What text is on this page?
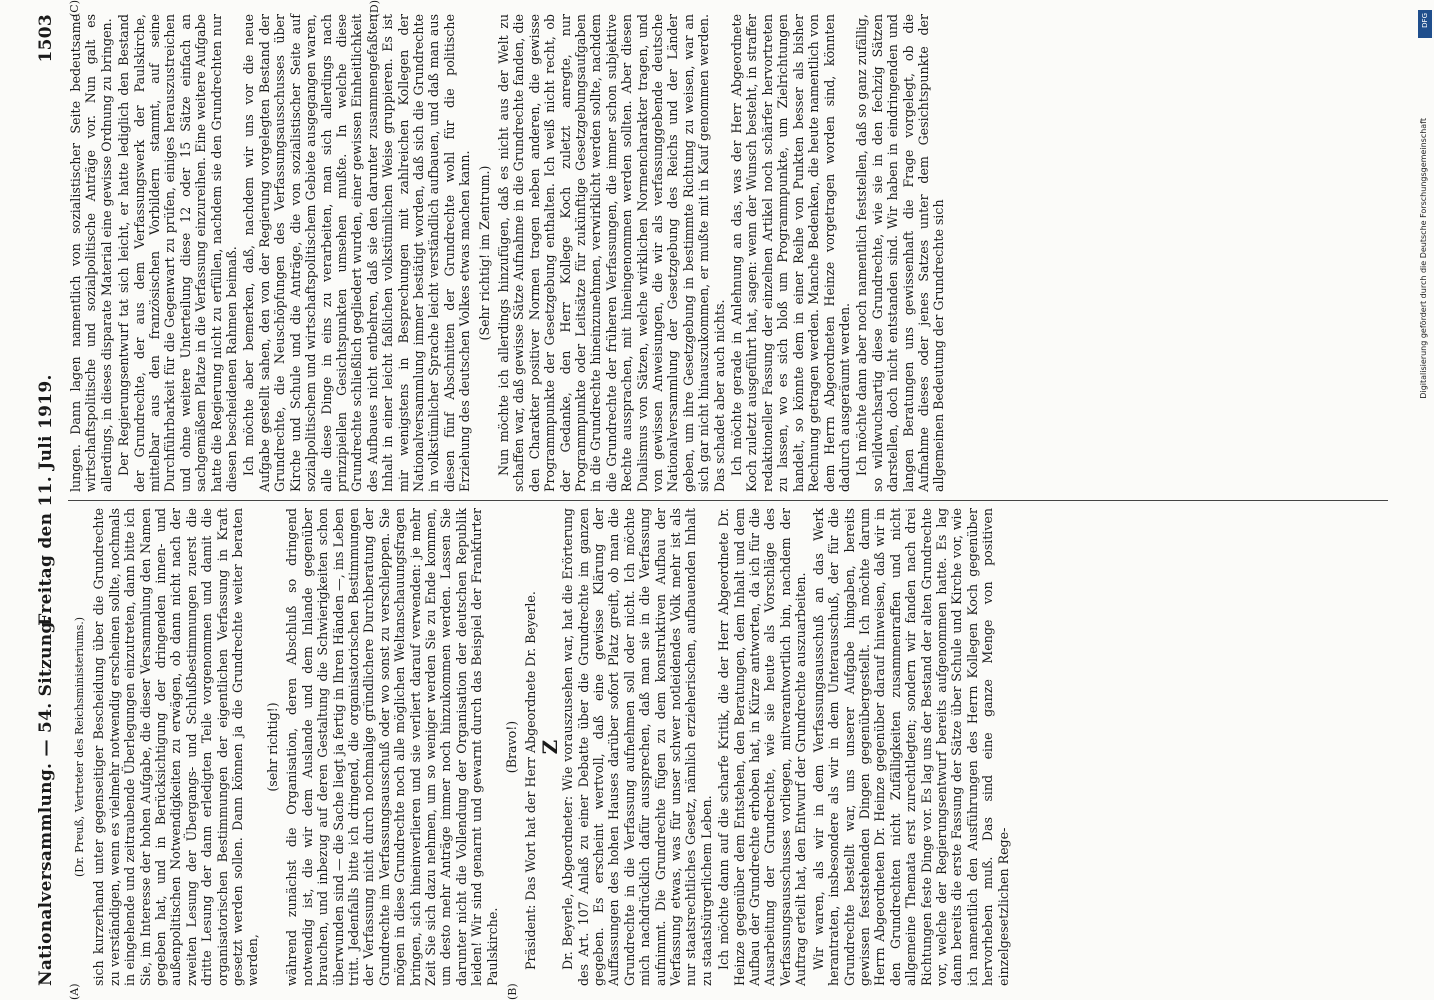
Nationalversammlung. — 54. Sitzung.
Freitag den 11. Juli 1919.
1503
(A)	(B)
(C)	(D)

(Dr. Preuß, Vertreter des Reichsministeriums.) sich kurzerhand unter gegenseitiger Bescheidung über die Grundrechte zu verständigen, wenn es vielmehr notwendig erscheinen sollte, nochmals in eingehende und zeitraubende Überlegungen einzutreten, dann bitte ich Sie, im Interesse der hohen Aufgabe, die dieser Versammlung den Namen gegeben hat, und in Berücksichtigung der dringenden innen- und außenpolitischen Notwendigkeiten zu erwägen, ob dann nicht nach der zweiten Lesung der Übergangs- und Schlußbestimmungen zuerst die dritte Lesung der dann erledigten Teile vorgenommen und damit die organisatorischen Bestimmungen der eigentlichen Verfassung in Kraft gesetzt werden sollen. Dann können ja die Grundrechte weiter beraten werden,

(sehr richtig!) während zunächst die Organisation, deren Abschluß so dringend notwendig ist, die wir dem Auslande und dem Inlande gegenüber brauchen, und inbezug auf deren Gestaltung die Schwierigkeiten schon überwunden sind — die Sache liegt ja fertig in Ihren Händen —, ins Leben tritt. Jedenfalls bitte ich dringend, die organisatorischen Bestimmungen der Verfassung nicht durch nochmalige gründlichere Durchberatung der Grundrechte im Verfassungsausschuß oder wo sonst zu verschleppen. Sie mögen in diese Grundrechte noch alle möglichen Weltanschauungsfragen bringen, sich hineinverlieren und sie verliert darauf verwenden: je mehr Zeit Sie sich dazu nehmen, um so weniger werden Sie zu Ende kommen, um desto mehr Anträge immer noch hinzukommen werden. Lassen Sie darunter nicht die Vollendung der Organisation der deutschen Republik leiden! Wir sind genarnt und gewarnt durch das Beispiel der Frankfurter Paulskirche.

(Bravo!) Präsident: Das Wort hat der Herr Abgeordnete Dr. Beyerle. Z

Dr. Beyerle, Abgeordneter: Wie vorauszusehen war, hat die Erörterung des Art. 107 Anlaß zu einer Debatte über die Grundrechte im ganzen gegeben. Es erscheint wertvoll, daß eine gewisse Klärung der Auffassungen des hohen Hauses darüber sofort Platz greift, ob man die Grundrechte in die Verfassung aufnehmen soll oder nicht. Ich möchte mich nachdrücklich dafür aussprechen, daß man sie in die Verfassung aufnimmt. Die Grundrechte fügen zu dem konstruktiven Aufbau der Verfassung etwas, was für unser schwer notleidendes Volk mehr ist als nur staatsrechtliches Gesetz, nämlich erzieherischen, aufbauenden Inhalt zu staatsbürgerlichem Leben. Ich möchte dann auf die scharfe Kritik, die der Herr Abgeordnete Dr. Heinze gegenüber dem Entstehen, den Beratungen, dem Inhalt und dem Aufbau der Grundrechte erhoben hat, in Kürze antworten, da ich für die Ausarbeitung der Grundrechte, wie sie heute als Vorschläge des Verfassungsausschusses vorliegen, mitverantwortlich bin, nachdem der Auftrag erteilt hat, den Entwurf der Grundrechte auszuarbeiten. Wir waren, als wir in dem Verfassungsausschuß an das Werk herantraten, insbesondere als wir in dem Unterausschuß, der für die Grundrechte bestellt war, uns unserer Aufgabe hingaben, bereits gewissen feststehenden Dingen gegenübergestellt. Ich möchte darum Herrn Abgeordneten Dr. Heinze gegenüber darauf hinweisen, daß wir in den Grundrechten nicht Zufälligkeiten zusammenraffen und nicht allgemeine Themata erst zurechtlegten; sondern wir fanden nach drei Richtungen feste Dinge vor. Es lag uns der Bestand der alten Grundrechte vor, welche der Regierungsentwurf bereits aufgenommen hatte. Es lag dann bereits die erste Fassung der Sätze über Schule und Kirche vor, wie ich namentlich den Ausführungen des Herrn Kollegen Koch gegenüber hervorheben muß. Das sind eine ganze Menge von positiven einzelgesetzlichen Rege-

lungen. Dann lagen namentlich von sozialistischer Seite bedeutsame wirtschaftspolitische und sozialpolitische Anträge vor. Nun galt es allerdings, in dieses disparate Material eine gewisse Ordnung zu bringen. Der Regierungsentwurf tat sich leicht, er hatte lediglich den Bestand der Grundrechte, der aus dem Verfassungswerk der Paulskirche, mittelbar aus den französischen Vorbildern stammt, auf seine Durchführbarkeit für die Gegenwart zu prüfen, einiges herauszustreichen und ohne weitere Unterteilung diese 12 oder 15 Sätze einfach an sachgemäßem Platze in die Verfassung einzureihen. Eine weitere Aufgabe hatte die Regierung nicht zu erfüllen, nachdem sie den Grundrechten nur diesen bescheidenen Rahmen beimaß. Ich möchte aber bemerken, daß, nachdem wir uns vor die neue Aufgabe gestellt sahen, den von der Regierung vorgelegten Bestand der Grundrechte, die Neuschöpfungen des Verfassungsausschusses über Kirche und Schule und die Anträge, die von sozialistischer Seite auf sozialpolitischem und wirtschaftspolitischem Gebiete ausgegangen waren, alle diese Dinge in eins zu verarbeiten, man sich allerdings nach prinzipiellen Gesichtspunkten umsehen mußte. In welche diese Grundrechte schließlich gegliedert wurden, einer gewissen Einheitlichkeit des Aufbaues nicht entbehren, daß sie den darunter zusammengefaßten Inhalt in einer leicht faßlichen volkstümlichen Weise gruppieren. Es ist mir wenigstens in Besprechungen mit zahlreichen Kollegen der Nationalversammlung immer bestätigt worden, daß sich die Grundrechte in volkstümlicher Sprache leicht verständlich aufbauen, und daß man aus diesen fünf Abschnitten der Grundrechte wohl für die politische Erziehung des deutschen Volkes etwas machen kann. (Sehr richtig! im Zentrum.) Nun möchte ich allerdings hinzufügen, daß es nicht aus der Welt zu schaffen war, daß gewisse Sätze Aufnahme in die Grundrechte fanden, die den Charakter positiver Normen tragen neben anderen, die gewisse Programmpunkte der Gesetzgebung enthalten. Ich weiß nicht recht, ob der Gedanke, den Herr Kollege Koch zuletzt anregte, nur Programmpunkte oder Leitsätze für zukünftige Gesetzgebungsaufgaben in die Grundrechte hineinzunehmen, verwirklicht werden sollte, nachdem die Grundrechte der früheren Verfassungen, die immer schon subjektive Rechte aussprachen, mit hineingenommen werden sollten. Aber diesen Dualismus von Sätzen, welche wirklichen Normencharakter tragen, und von gewissen Anweisungen, die wir als verfassunggebende deutsche Nationalversammlung der Gesetzgebung des Reichs und der Länder geben, um ihre Gesetzgebung in bestimmte Richtung zu weisen, war an sich gar nicht hinauszukommen, er mußte mit in Kauf genommen werden. Das schadet aber auch nichts. Ich möchte gerade in Anlehnung an das, was der Herr Abgeordnete Koch zuletzt ausgeführt hat, sagen: wenn der Wunsch besteht, in straffer redaktioneller Fassung der einzelnen Artikel noch schärfer hervortreten zu lassen, wo es sich bloß um Programmpunkte, um Zielrichtungen handelt, so könnte dem in einer Reihe von Punkten besser als bisher Rechnung getragen werden. Manche Bedenken, die heute namentlich von dem Herrn Abgeordneten Heinze vorgetragen worden sind, könnten dadurch ausgeräumt werden. Ich möchte dann aber noch namentlich feststellen, daß so ganz zufällig, so wildwuchsartig diese Grundrechte, wie sie in den fechzig Sätzen darstellen, doch nicht entstanden sind. Wir haben in eindringenden und langen Beratungen uns gewissenhaft die Frage vorgelegt, ob die Aufnahme dieses oder jenes Satzes unter dem Gesichtspunkte der allgemeinen Bedeutung der Grundrechte sich

DFG
Digitalisierung gefördert durch die Deutsche Forschungsgemeinschaft
